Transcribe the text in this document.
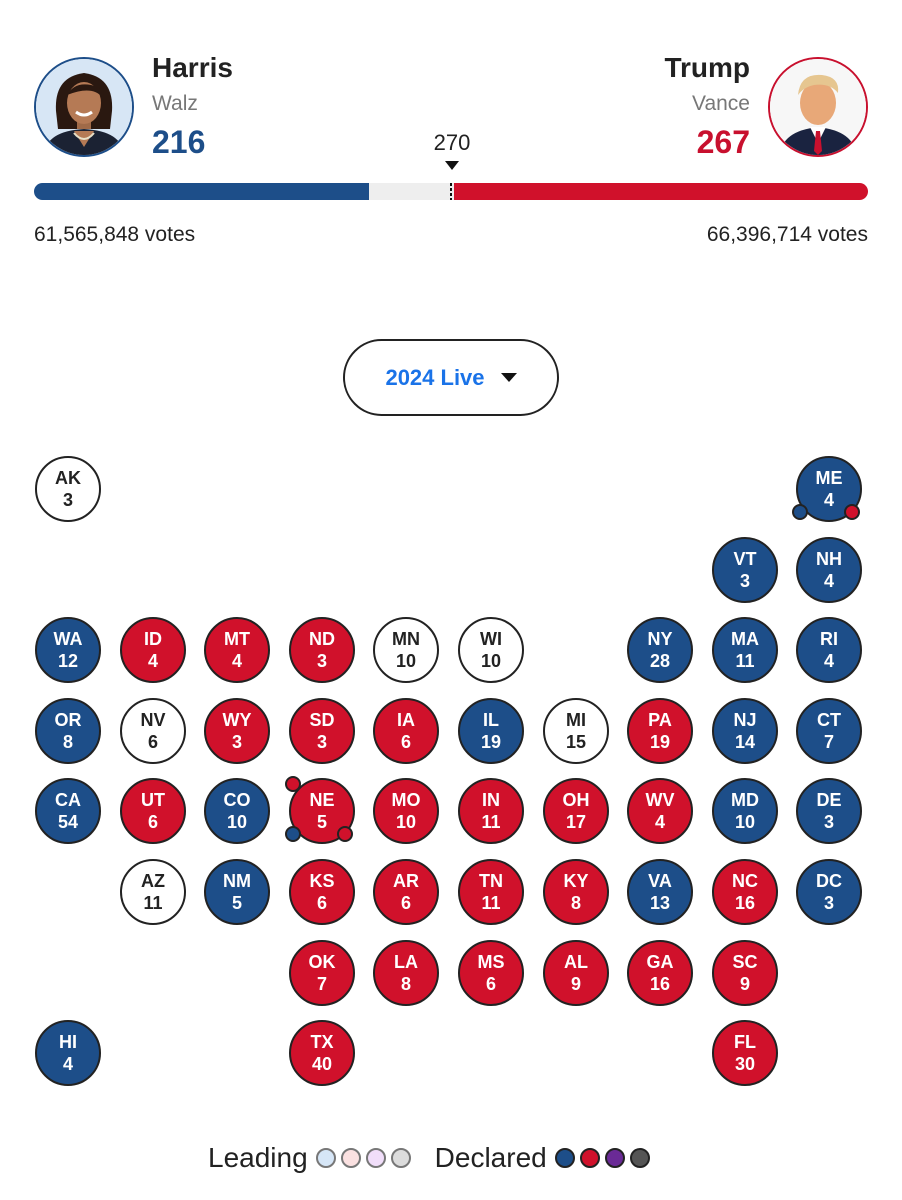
Harris
Walz
216
Trump
Vance
267
270
61,565,848 votes	66,396,714 votes
2024 Live
AK
3
ME
4
VT
3
NH
4
WA
12
ID
4
MT
4
ND
3
MN
10
WI
10
NY
28
MA
11
RI
4
OR
8
NV
6
WY
3
SD
3
IA
6
IL
19
MI
15
PA
19
NJ
14
CT
7
CA
54
UT
6
CO
10
NE
5
MO
10
IN
11
OH
17
WV
4
MD
10
DE
3
AZ
11
NM
5
KS
6
AR
6
TN
11
KY
8
VA
13
NC
16
DC
3
OK
7
LA
8
MS
6
AL
9
GA
16
SC
9
HI
4
TX
40
FL
30
Leading	Declared
